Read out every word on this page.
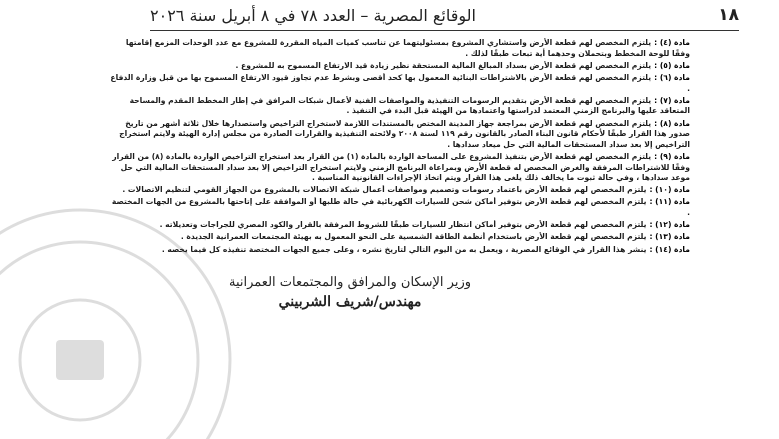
١٨
الوقائع المصرية – العدد ٧٨ في ٨ أبريل سنة ٢٠٢٦

مادة (٤) :يلتزم المخصص لهم قطعة الأرض واستشاري المشروع بمسئوليتهما عن تناسب كميات المياه المقررة للمشروع مع عدد الوحدات المزمع إقامتها وفقًا للوحة المخطط وبتحملان وحدهما أية تبعات طبقًا لذلك .

مادة (٥) :يلتزم المخصص لهم قطعة الأرض بسداد المبالغ المالية المستحقة نظير زيادة قيد الارتفاع المسموح به للمشروع .

مادة (٦) :يلتزم المخصص لهم قطعة الأرض بالاشتراطات البنائية المعمول بها كحد أقصى وبشرط عدم تجاوز قيود الارتفاع المسموح بها من قبل وزارة الدفاع .

مادة (٧) :يلتزم المخصص لهم قطعة الأرض بتقديم الرسومات التنفيذية والمواصفات الفنية لأعمال شبكات المرافق في إطار المخطط المقدم والمساحة المتعاقد عليها والبرنامج الزمني المعتمد لدراستها واعتمادها من الهيئة قبل البدء في التنفيذ .

مادة (٨) :يلتزم المخصص لهم قطعة الأرض بمراجعة جهاز المدينة المختص بالمستندات اللازمة لاستخراج التراخيص واستصدارها خلال ثلاثة أشهر من تاريخ صدور هذا القرار طبقًا لأحكام قانون البناء الصادر بالقانون رقم ١١٩ لسنة ٢٠٠٨ ولائحته التنفيذية والقرارات الصادرة من مجلس إدارة الهيئة ولايتم استخراج التراخيص إلا بعد سداد المستحقات المالية التي حل ميعاد سدادها .

مادة (٩) :يلتزم المخصص لهم قطعة الأرض بتنفيذ المشروع على المساحة الواردة بالمادة (١) من القرار بعد استخراج التراخيص الواردة بالمادة (٨) من القرار وفقًا للاشتراطات المرفقة والغرض المخصص له قطعة الأرض وبمراعاة البرنامج الزمني ولايتم استخراج التراخيص إلا بعد سداد المستحقات المالية التي حل موعد سدادها ، وفي حالة ثبوت ما يخالف ذلك يلغى هذا القرار ويتم اتخاذ الإجراءات القانونية المناسبة .

مادة (١٠) :يلتزم المخصص لهم قطعة الأرض باعتماد رسومات وتصميم ومواصفات أعمال شبكة الاتصالات بالمشروع من الجهاز القومي لتنظيم الاتصالات .

مادة (١١) :يلتزم المخصص لهم قطعة الأرض بتوفير أماكن شحن للسيارات الكهربائية في حالة طلبها أو الموافقة على إتاحتها بالمشروع من الجهات المختصة .

مادة (١٢) :يلتزم المخصص لهم قطعة الأرض بتوفير أماكن انتظار للسيارات طبقًا للشروط المرفقة بالقرار والكود المصري للجراجات وتعديلاته .

مادة (١٣) :يلتزم المخصص لهم قطعة الأرض باستخدام أنظمة الطاقة الشمسية على النحو المعمول به بهيئة المجتمعات العمرانية الجديدة .

مادة (١٤) :ينشر هذا القرار في الوقائع المصرية ، ويعمل به من اليوم التالي لتاريخ نشره ، وعلى جميع الجهات المختصة تنفيذه كل فيما يخصه .

وزير الإسكان والمرافق والمجتمعات العمرانية
مهندس/شريف الشربيني
